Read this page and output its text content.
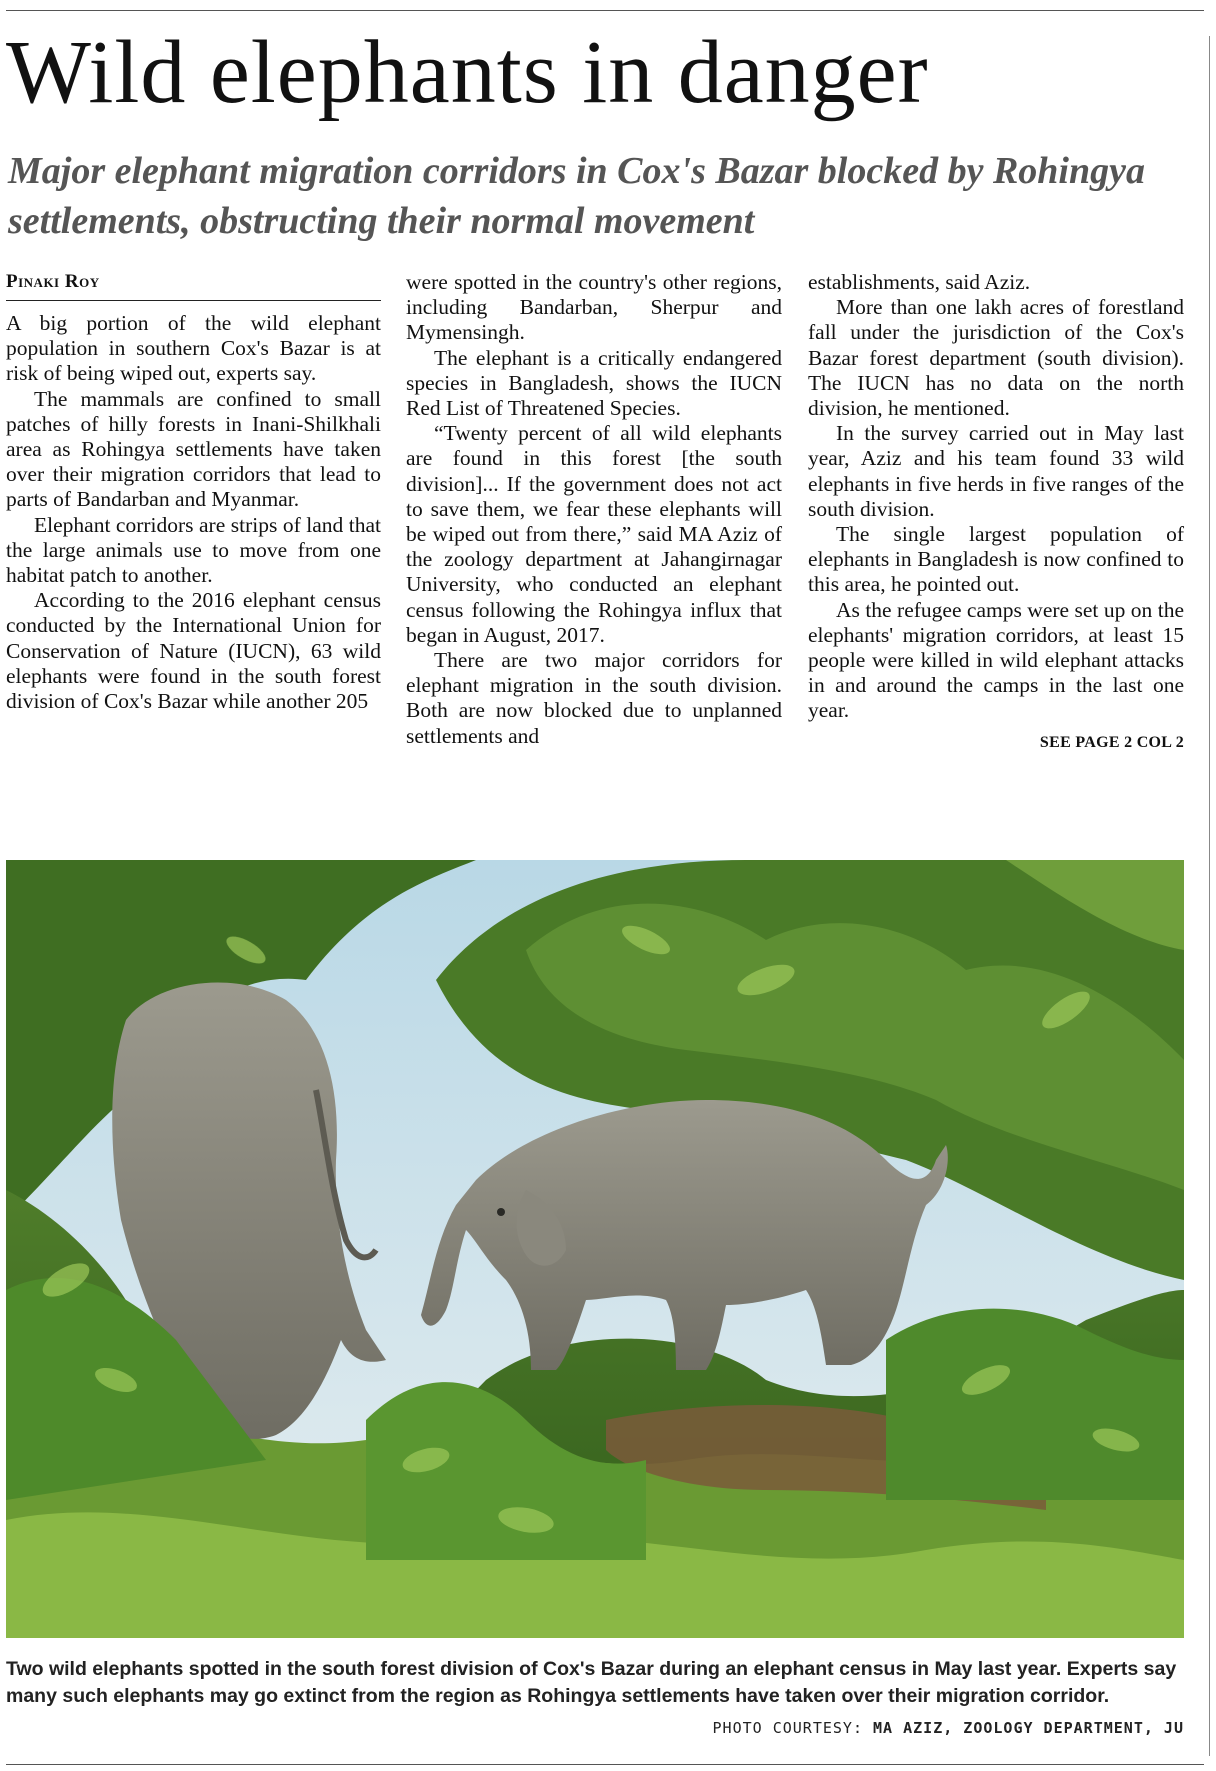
Wild elephants in danger
Major elephant migration corridors in Cox's Bazar blocked by Rohingya settlements, obstructing their normal movement
Pinaki Roy

A big portion of the wild elephant population in southern Cox's Bazar is at risk of being wiped out, experts say.

The mammals are confined to small patches of hilly forests in Inani-Shilkhali area as Rohingya settlements have taken over their migration corridors that lead to parts of Bandarban and Myanmar.

Elephant corridors are strips of land that the large animals use to move from one habitat patch to another.

According to the 2016 elephant census conducted by the International Union for Conservation of Nature (IUCN), 63 wild elephants were found in the south forest division of Cox's Bazar while another 205

were spotted in the country's other regions, including Bandarban, Sherpur and Mymensingh.

The elephant is a critically endangered species in Bangladesh, shows the IUCN Red List of Threatened Species.

“Twenty percent of all wild elephants are found in this forest [the south division]... If the government does not act to save them, we fear these elephants will be wiped out from there,” said MA Aziz of the zoology department at Jahangirnagar University, who conducted an elephant census following the Rohingya influx that began in August, 2017.

There are two major corridors for elephant migration in the south division. Both are now blocked due to unplanned settlements and

establishments, said Aziz.

More than one lakh acres of forestland fall under the jurisdiction of the Cox's Bazar forest department (south division). The IUCN has no data on the north division, he mentioned.

In the survey carried out in May last year, Aziz and his team found 33 wild elephants in five herds in five ranges of the south division.

The single largest population of elephants in Bangladesh is now confined to this area, he pointed out.

As the refugee camps were set up on the elephants' migration corridors, at least 15 people were killed in wild elephant attacks in and around the camps in the last one year.

SEE PAGE 2 COL 2

Two wild elephants spotted in the south forest division of Cox's Bazar during an elephant census in May last year. Experts say many such elephants may go extinct from the region as Rohingya settlements have taken over their migration corridor.

PHOTO COURTESY: MA AZIZ, ZOOLOGY DEPARTMENT, JU
